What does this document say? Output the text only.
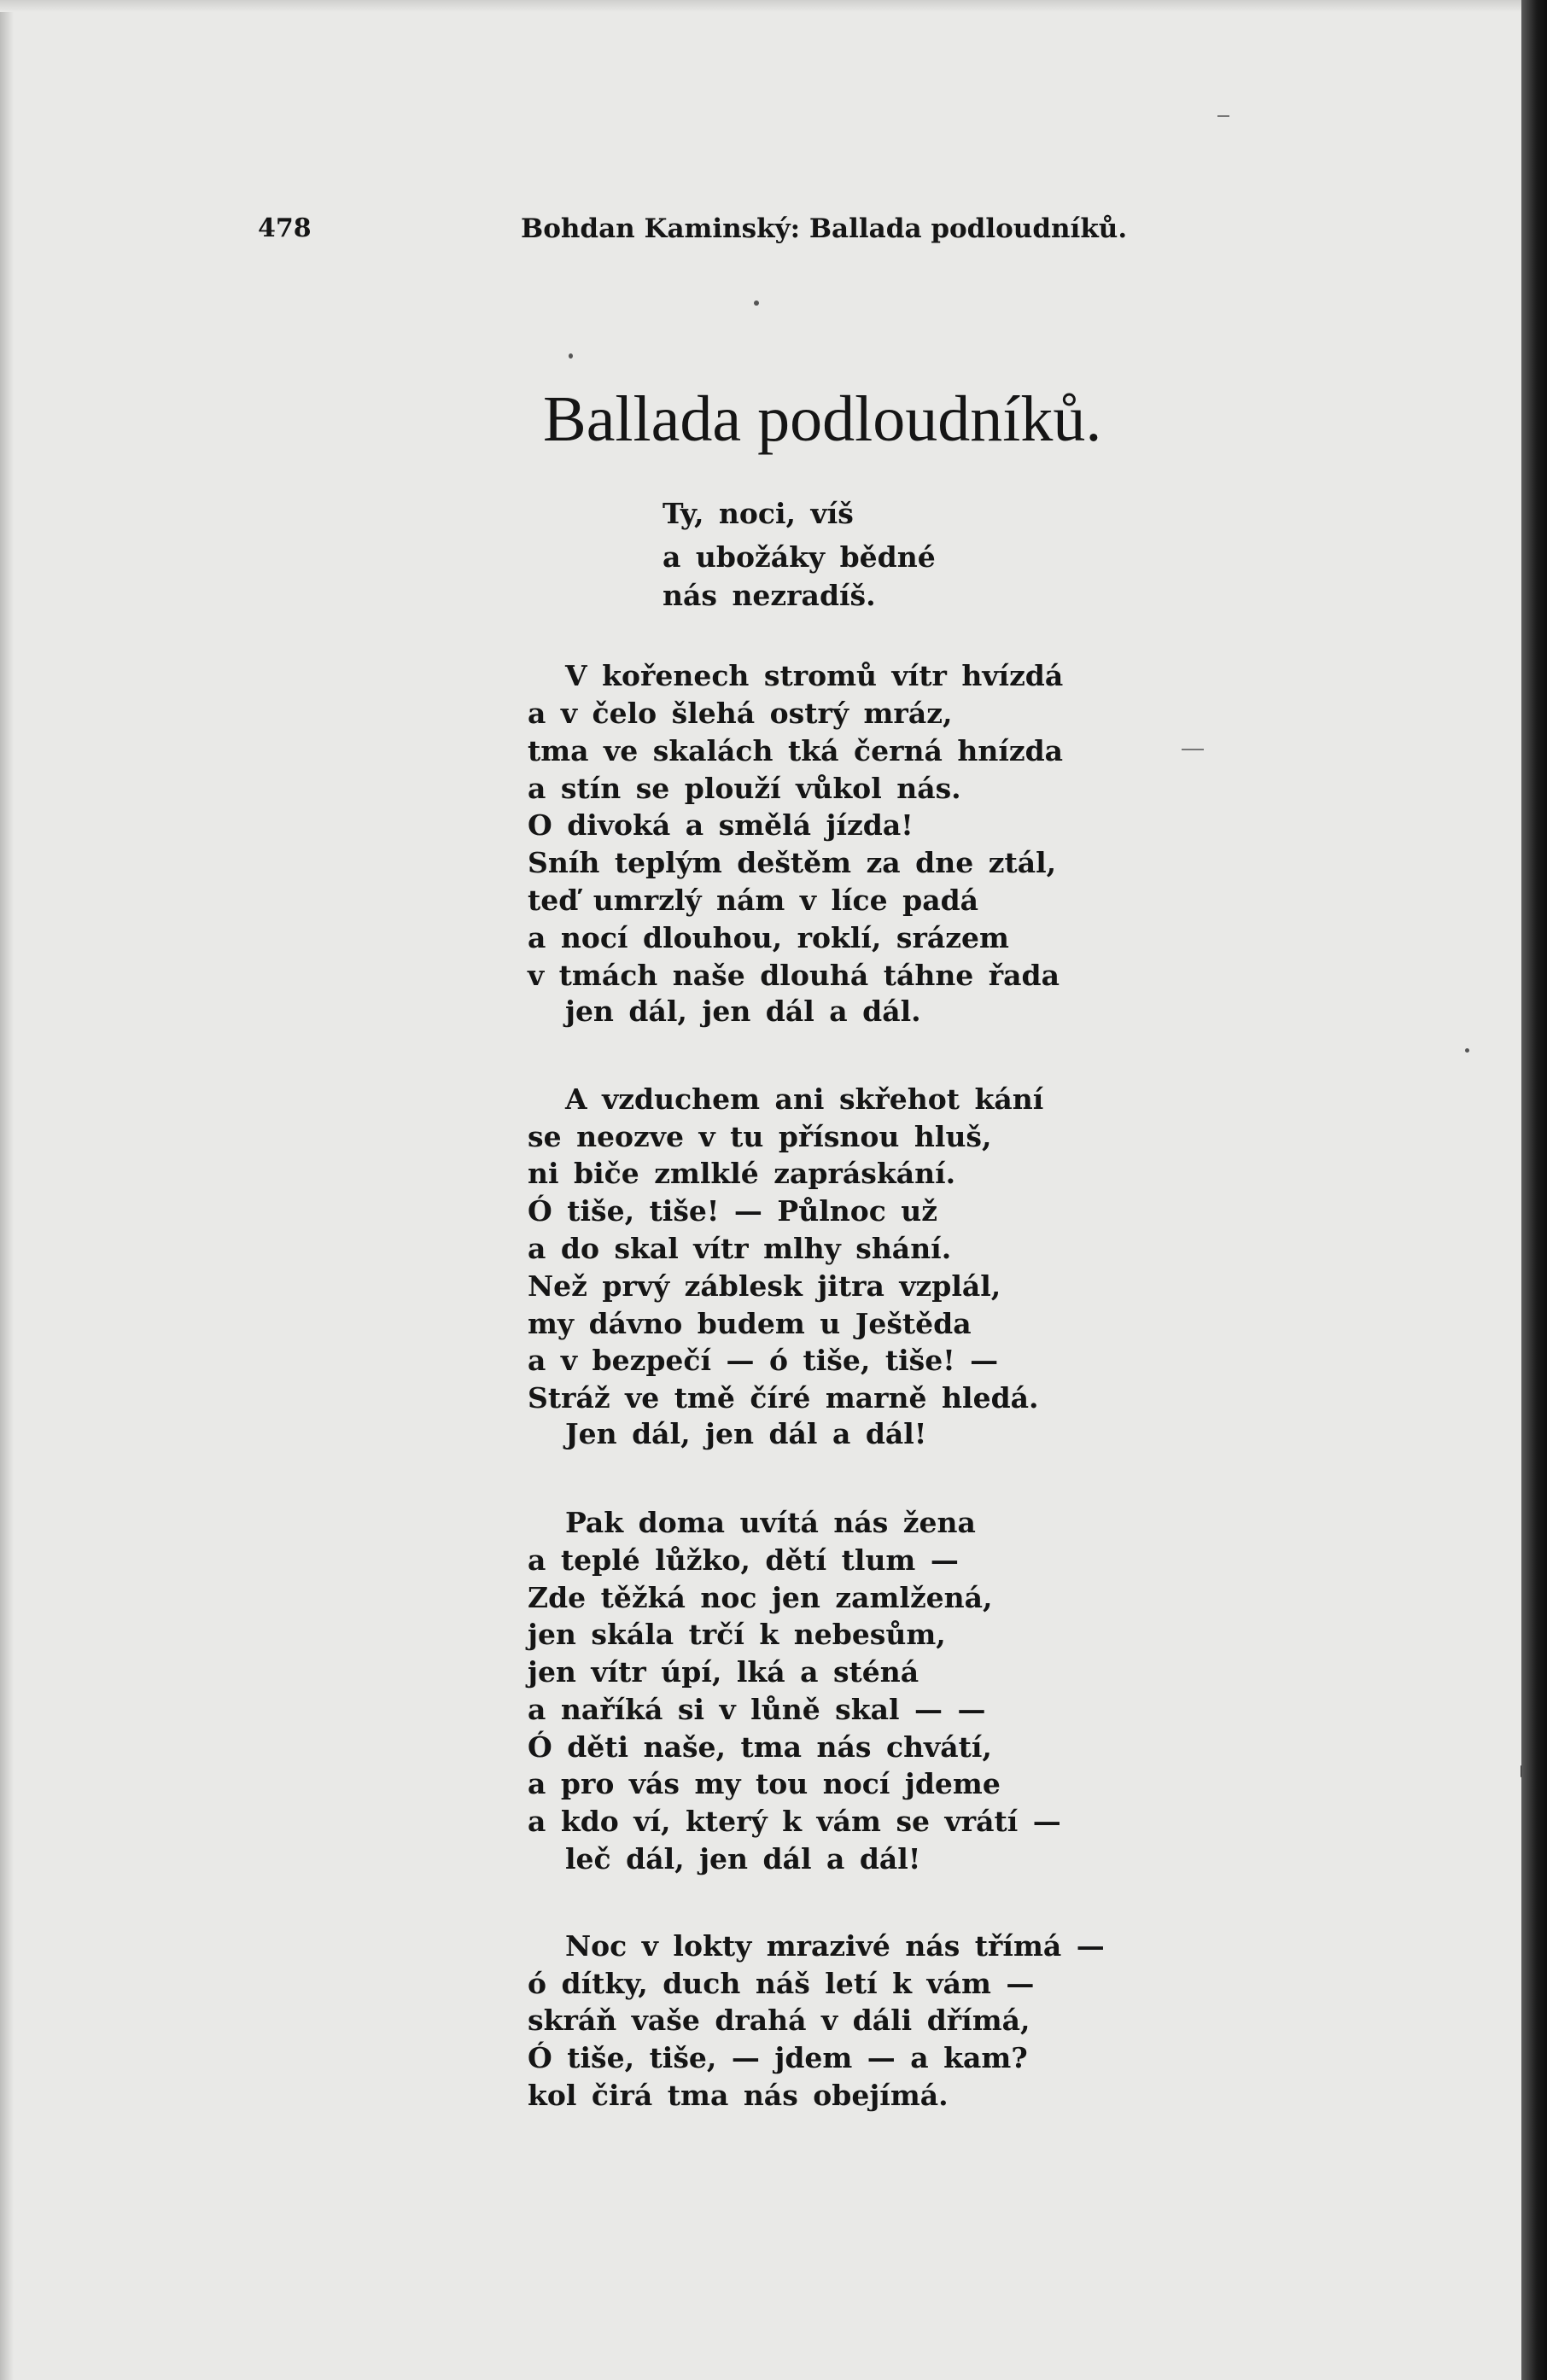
478	Bohdan Kaminský: Ballada podloudníků.
Ballada podloudníků.
Ty, noci, víš
a ubožáky bědné
nás nezradíš.
V kořenech stromů vítr hvízdá
a v čelo šlehá ostrý mráz,
tma ve skalách tká černá hnízda
a stín se plouží vůkol nás.
O divoká a smělá jízda!
Sníh teplým deštěm za dne ztál,
teď umrzlý nám v líce padá
a nocí dlouhou, roklí, srázem
v tmách naše dlouhá táhne řada
jen dál, jen dál a dál.
A vzduchem ani skřehot kání
se neozve v tu přísnou hluš,
ni biče zmlklé zapráskání.
Ó tiše, tiše! — Půlnoc už
a do skal vítr mlhy shání.
Než prvý záblesk jitra vzplál,
my dávno budem u Ještěda
a v bezpečí — ó tiše, tiše! —
Stráž ve tmě číré marně hledá.
Jen dál, jen dál a dál!
Pak doma uvítá nás žena
a teplé lůžko, dětí tlum —
Zde těžká noc jen zamlžená,
jen skála trčí k nebesům,
jen vítr úpí, lká a sténá
a naříká si v lůně skal — —
Ó děti naše, tma nás chvátí,
a pro vás my tou nocí jdeme
a kdo ví, který k vám se vrátí —
leč dál, jen dál a dál!
Noc v lokty mrazivé nás třímá —
ó dítky, duch náš letí k vám —
skráň vaše drahá v dáli dřímá,
Ó tiše, tiše, — jdem — a kam?
kol čirá tma nás obejímá.
